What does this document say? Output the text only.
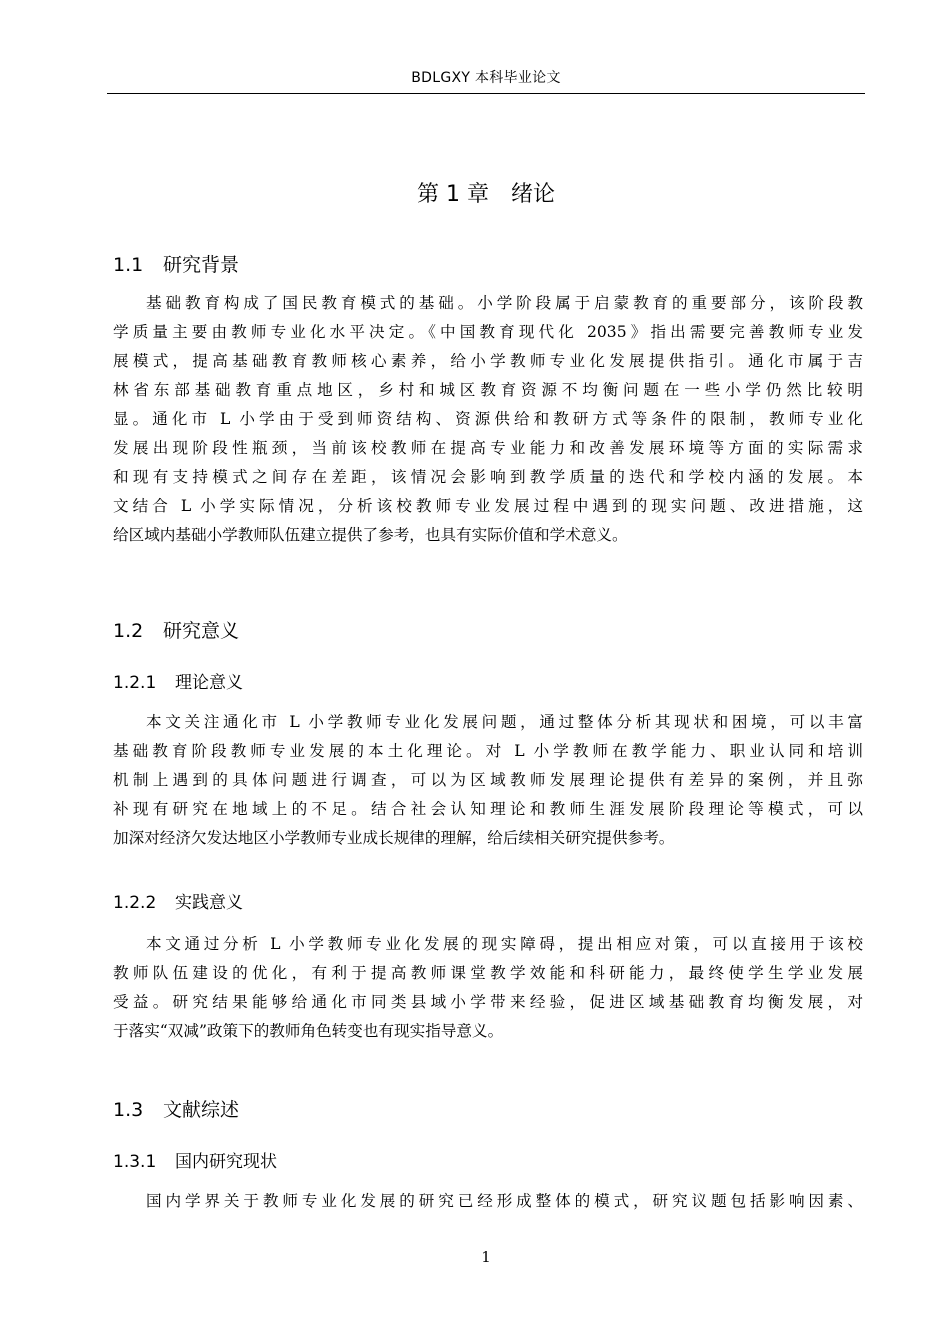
BDLGXY 本科毕业论文
第 1 章　绪论
1.1 研究背景
基础教育构成了国民教育模式的基础。小学阶段属于启蒙教育的重要部分，该阶段教
学质量主要由教师专业化水平决定。《中国教育现代化 2035》指出需要完善教师专业发
展模式，提高基础教育教师核心素养，给小学教师专业化发展提供指引。通化市属于吉
林省东部基础教育重点地区，乡村和城区教育资源不均衡问题在一些小学仍然比较明
显。通化市 L 小学由于受到师资结构、资源供给和教研方式等条件的限制，教师专业化
发展出现阶段性瓶颈，当前该校教师在提高专业能力和改善发展环境等方面的实际需求
和现有支持模式之间存在差距，该情况会影响到教学质量的迭代和学校内涵的发展。本
文结合 L 小学实际情况，分析该校教师专业发展过程中遇到的现实问题、改进措施，这
给区域内基础小学教师队伍建立提供了参考，也具有实际价值和学术意义。
1.2 研究意义
1.2.1 理论意义
本文关注通化市 L 小学教师专业化发展问题，通过整体分析其现状和困境，可以丰富
基础教育阶段教师专业发展的本土化理论。对 L 小学教师在教学能力、职业认同和培训
机制上遇到的具体问题进行调查，可以为区域教师发展理论提供有差异的案例，并且弥
补现有研究在地域上的不足。结合社会认知理论和教师生涯发展阶段理论等模式，可以
加深对经济欠发达地区小学教师专业成长规律的理解，给后续相关研究提供参考。
1.2.2 实践意义
本文通过分析 L 小学教师专业化发展的现实障碍，提出相应对策，可以直接用于该校
教师队伍建设的优化，有利于提高教师课堂教学效能和科研能力，最终使学生学业发展
受益。研究结果能够给通化市同类县域小学带来经验，促进区域基础教育均衡发展，对
于落实“双减”政策下的教师角色转变也有现实指导意义。
1.3 文献综述
1.3.1 国内研究现状
国内学界关于教师专业化发展的研究已经形成整体的模式，研究议题包括影响因素、
1
